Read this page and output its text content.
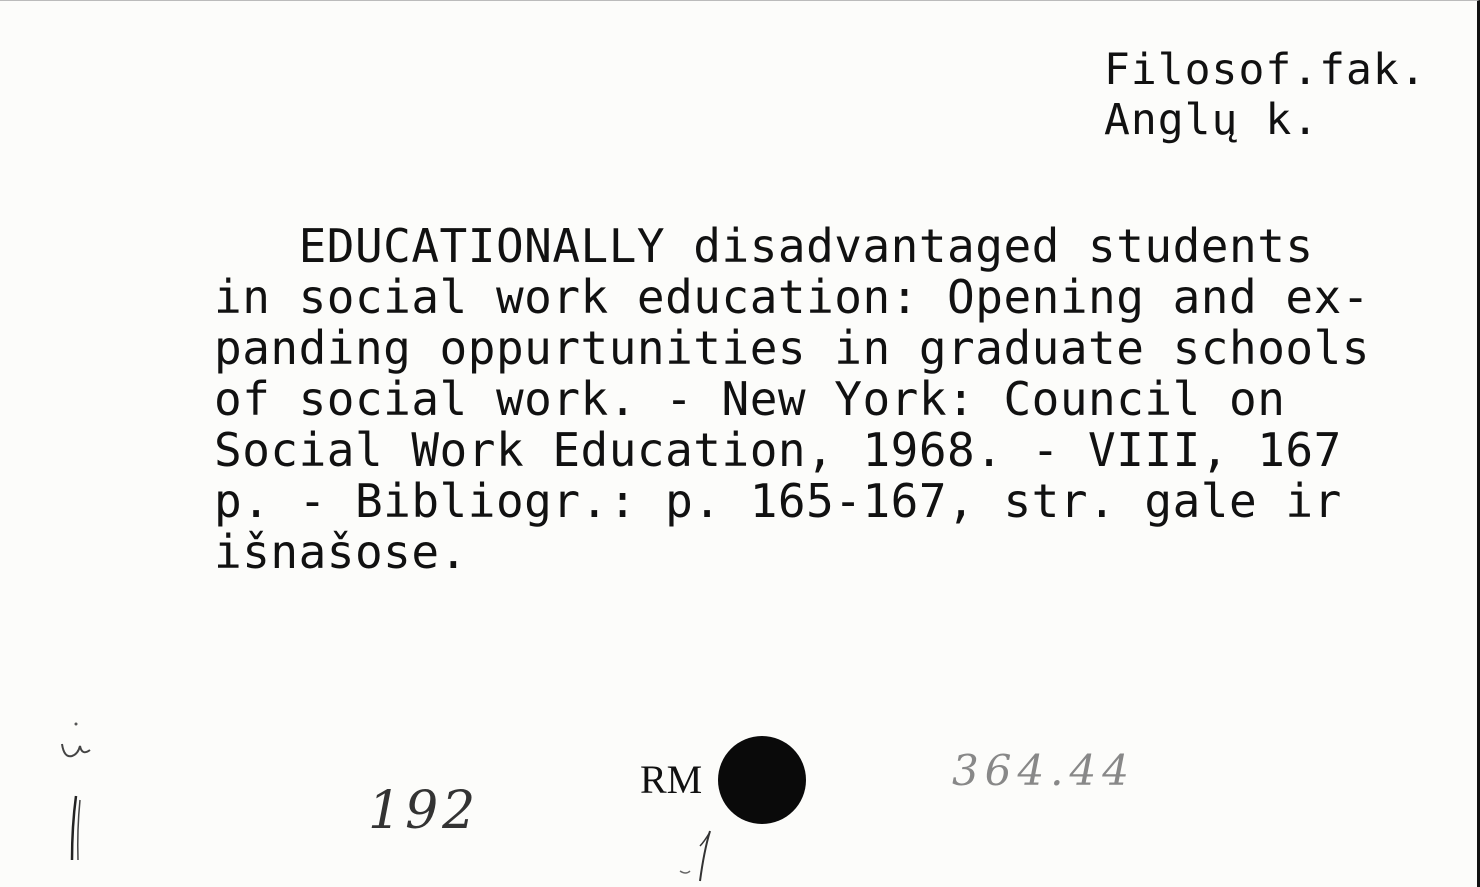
Filosof.fak.
Anglų k.
EDUCATIONALLY disadvantaged students
in social work education: Opening and ex-
panding oppurtunities in graduate schools
of social work. - New York: Council on
Social Work Education, 1968. - VIII, 167
p. - Bibliogr.: p. 165-167, str. gale ir
išnašose.
192
RM	364.44
